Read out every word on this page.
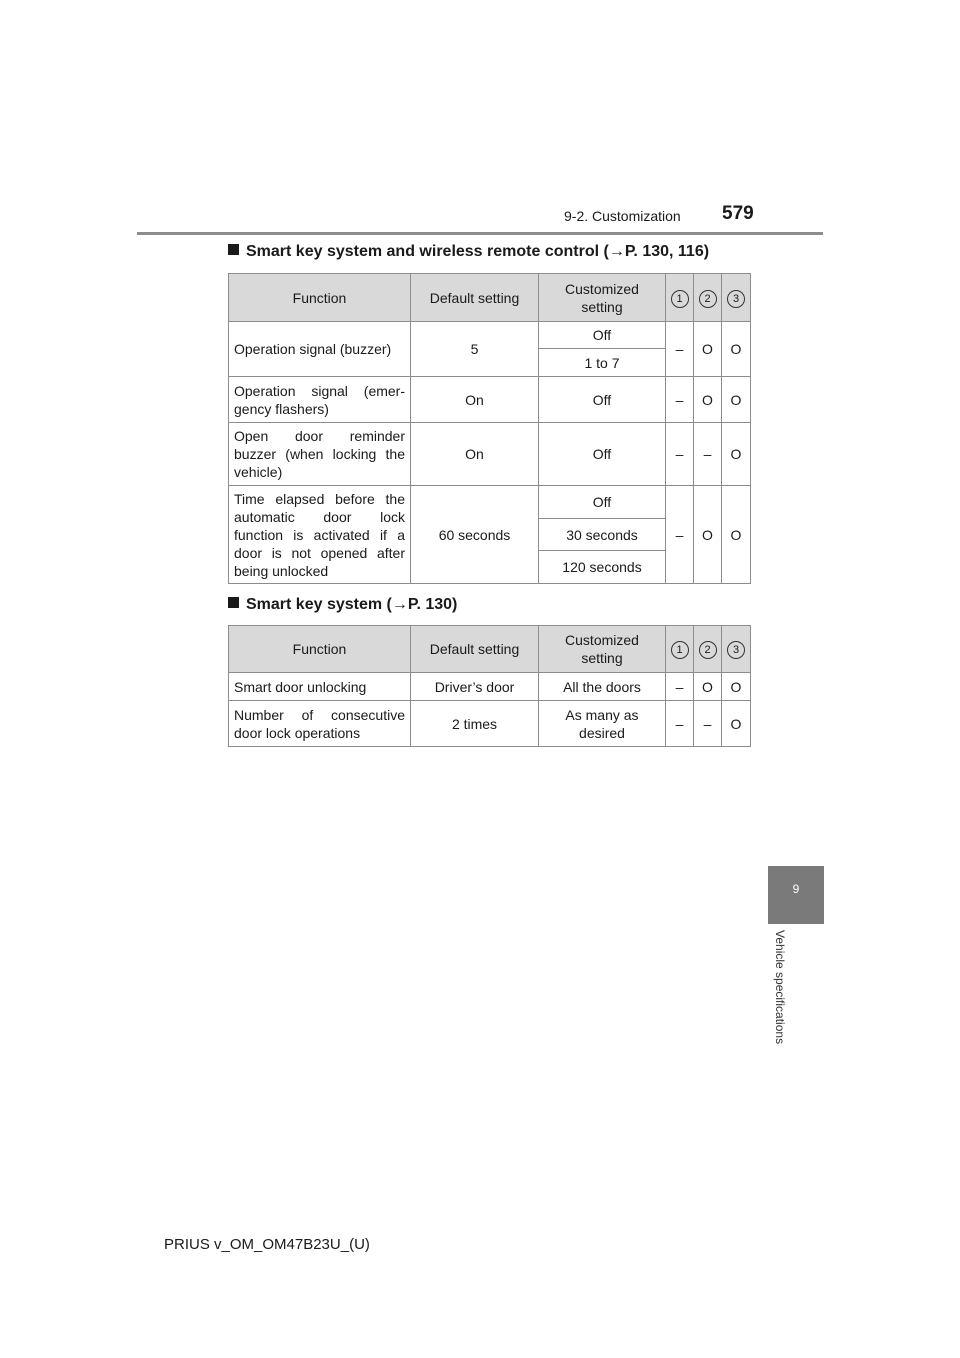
9-2. Customization 579
Smart key system and wireless remote control (→P. 130, 116)
Function	Default setting	Customized setting	1	2	3
Operation signal (buzzer)	5	Off	–	O	O
		1 to 7			
Operation signal (emer-gency flashers)	On	Off	–	O	O
Open door reminder buzzer (when locking the vehicle)	On	Off	–	–	O
Time elapsed before the automatic door lock function is activated if a door is not opened after being unlocked	60 seconds	Off	–	O	O
		30 seconds			
		120 seconds			
Smart key system (→P. 130)
Function	Default setting	Customized setting	1	2	3
Smart door unlocking	Driver’s door	All the doors	–	O	O
Number of consecutive door lock operations	2 times	As many as desired	–	–	O
9
Vehicle specifications
PRIUS v_OM_OM47B23U_(U)
